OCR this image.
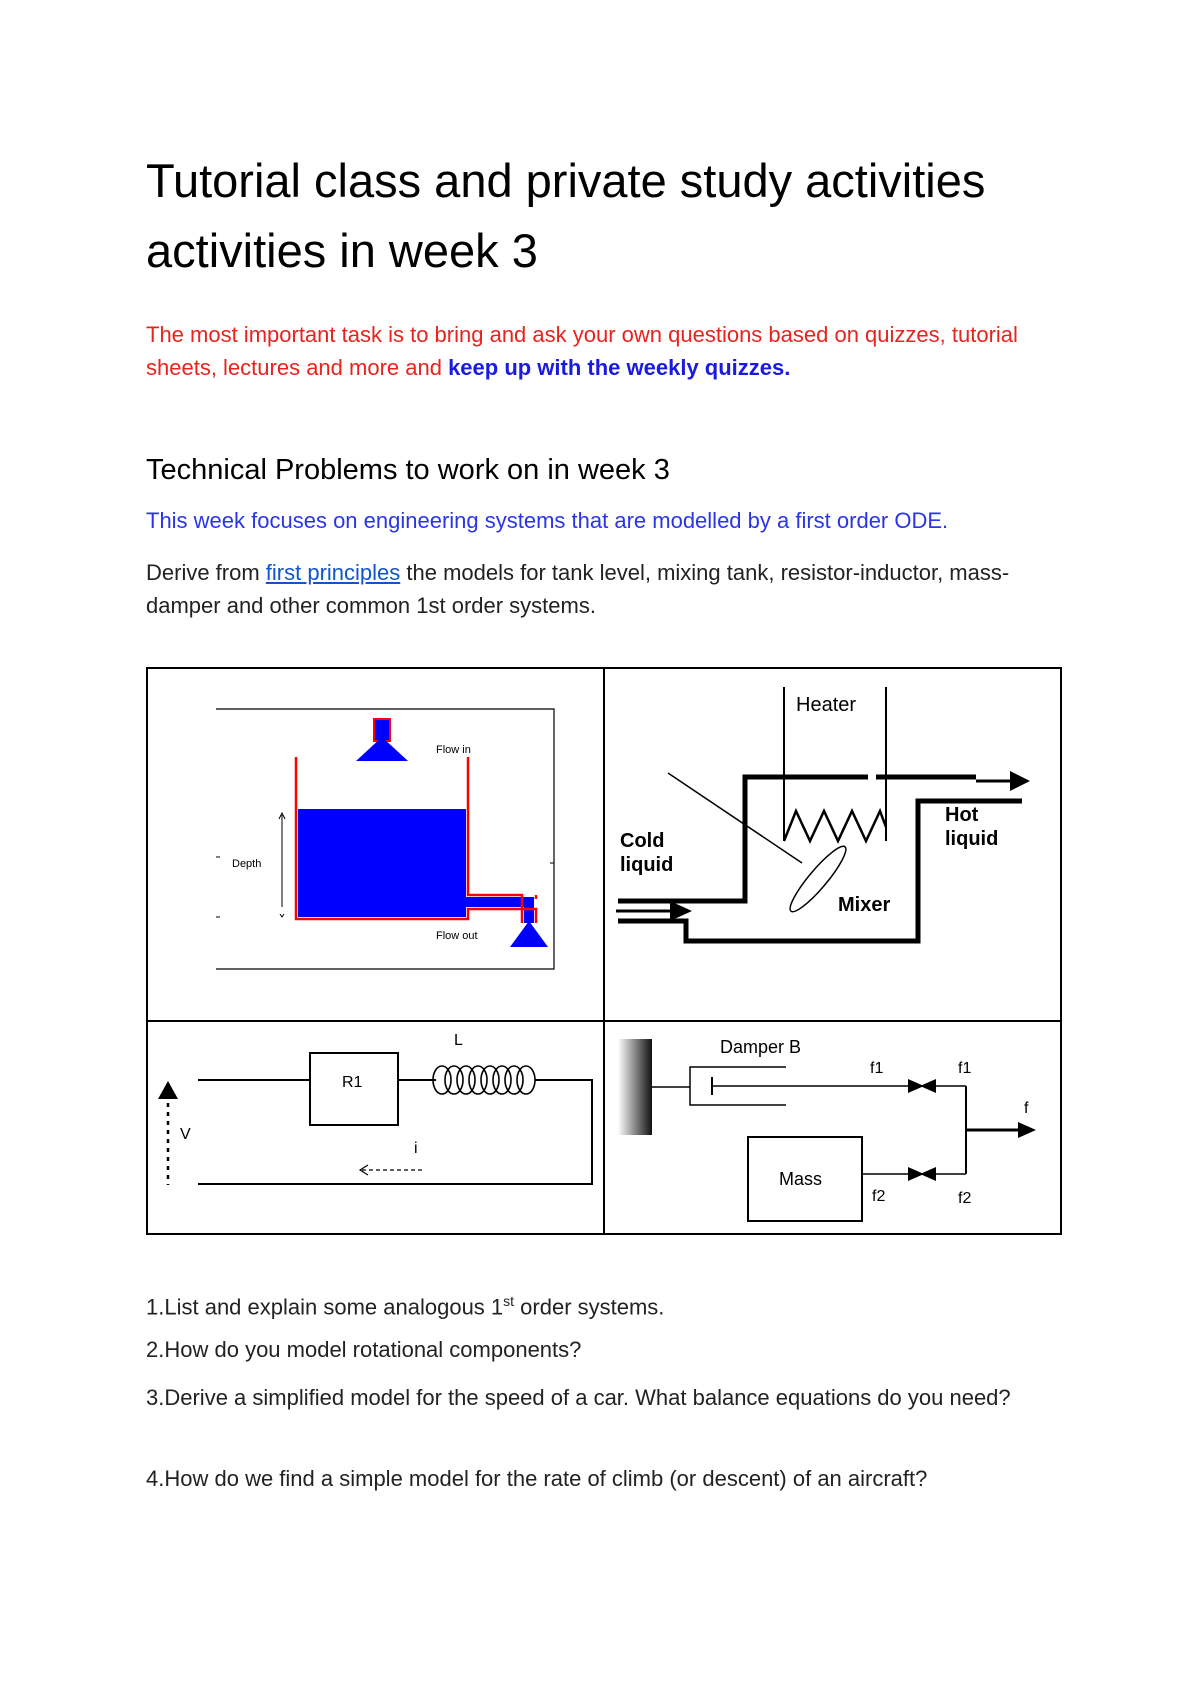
Tutorial class and private study activities activities in week 3

The most important task is to bring and ask your own questions based on quizzes, tutorial sheets, lectures and more and keep up with the weekly quizzes.

Technical Problems to work on in week 3

This week focuses on engineering systems that are modelled by a first order ODE.

Derive from first principles the models for tank level, mixing tank, resistor-inductor, mass-damper and other common 1st order systems.

Flow in
Flow out
Depth
Heater
Hot
liquid
Cold
liquid
Mixer
R1
L
V
i
Damper B
f1	f1
Mass
f2	f2
f

1.List and explain some analogous 1st order systems.

2.How do you model rotational components?

3.Derive a simplified model for the speed of a car. What balance equations do you need?

4.How do we find a simple model for the rate of climb (or descent) of an aircraft?
